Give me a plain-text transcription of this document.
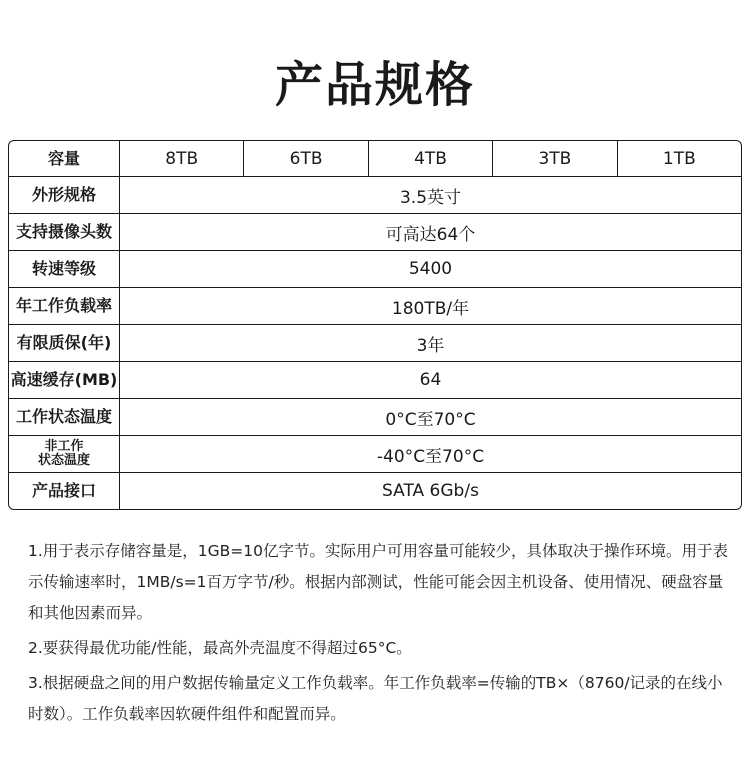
产品规格
容量	8TB	6TB	4TB	3TB	1TB
外形规格	3.5英寸
支持摄像头数	可高达64个
转速等级	5400
年工作负载率	180TB/年
有限质保(年)	3年
高速缓存(MB)	64
工作状态温度	0°C至70°C
非工作
状态温度	-40°C至70°C
产品接口	SATA 6Gb/s

1.用于表示存储容量是，1GB=10亿字节。实际用户可用容量可能较少，具体取决于操作环境。用于表示传输速率时，1MB/s=1百万字节/秒。根据内部测试，性能可能会因主机设备、使用情况、硬盘容量和其他因素而异。

2.要获得最优功能/性能，最高外壳温度不得超过65°C。

3.根据硬盘之间的用户数据传输量定义工作负载率。年工作负载率=传输的TB×（8760/记录的在线小时数）。工作负载率因软硬件组件和配置而异。
